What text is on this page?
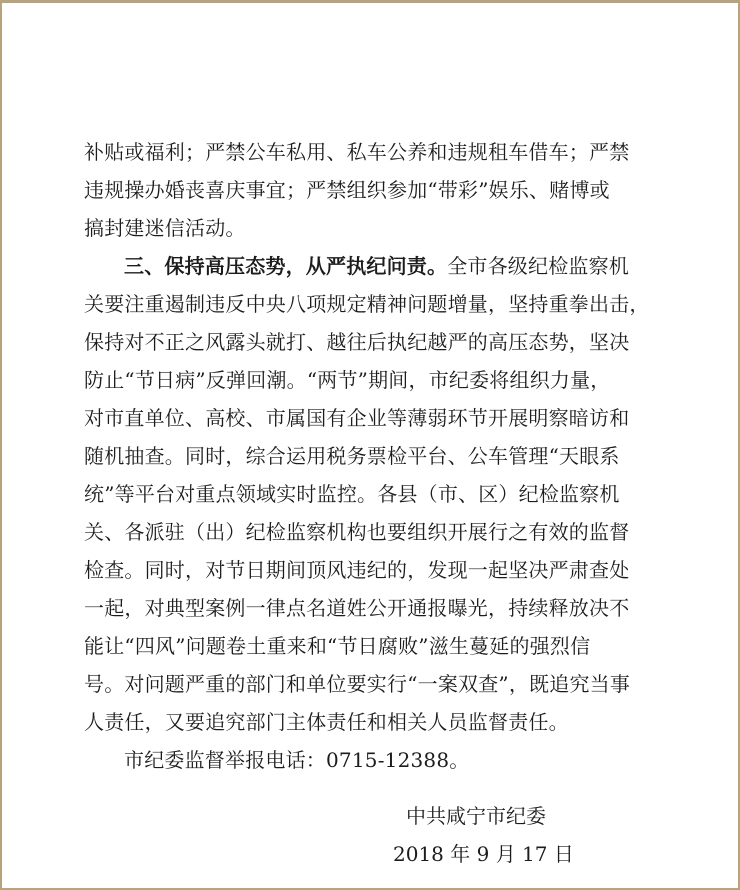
补贴或福利；严禁公车私用、私车公养和违规租车借车；严禁
违规操办婚丧喜庆事宜；严禁组织参加“带彩”娱乐、赌博或
搞封建迷信活动。
三、保持高压态势，从严执纪问责。全市各级纪检监察机
关要注重遏制违反中央八项规定精神问题增量，坚持重拳出击，
保持对不正之风露头就打、越往后执纪越严的高压态势，坚决
防止“节日病”反弹回潮。“两节”期间，市纪委将组织力量，
对市直单位、高校、市属国有企业等薄弱环节开展明察暗访和
随机抽查。同时，综合运用税务票检平台、公车管理“天眼系
统”等平台对重点领域实时监控。各县（市、区）纪检监察机
关、各派驻（出）纪检监察机构也要组织开展行之有效的监督
检查。同时，对节日期间顶风违纪的，发现一起坚决严肃查处
一起，对典型案例一律点名道姓公开通报曝光，持续释放决不
能让“四风”问题卷土重来和“节日腐败”滋生蔓延的强烈信
号。对问题严重的部门和单位要实行“一案双查”，既追究当事
人责任，又要追究部门主体责任和相关人员监督责任。
市纪委监督举报电话：0715-12388。
中共咸宁市纪委
2018 年 9 月 17 日
